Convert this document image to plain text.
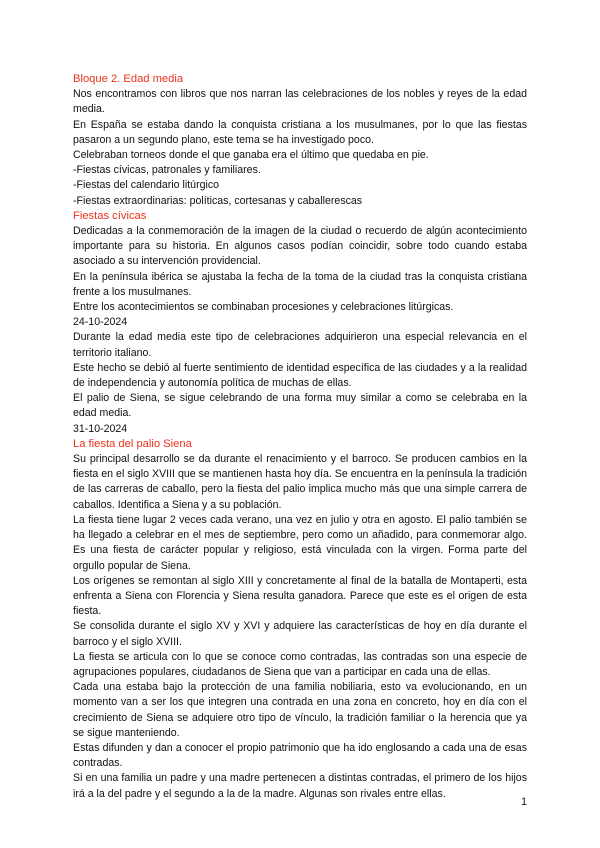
Bloque 2. Edad media

Nos encontramos con libros que nos narran las celebraciones de los nobles y reyes de la edad media.

En España se estaba dando la conquista cristiana a los musulmanes, por lo que las fiestas pasaron a un segundo plano, este tema se ha investigado poco.

Celebraban torneos donde el que ganaba era el último que quedaba en pie.

-Fiestas cívicas, patronales y familiares.

-Fiestas del calendario litúrgico

-Fiestas extraordinarias: políticas, cortesanas y caballerescas

Fiestas cívicas

Dedicadas a la conmemoración de la imagen de la ciudad o recuerdo de algún acontecimiento importante para su historia. En algunos casos podían coincidir, sobre todo cuando estaba asociado a su intervención providencial.

En la península ibérica se ajustaba la fecha de la toma de la ciudad tras la conquista cristiana frente a los musulmanes.

Entre los acontecimientos se combinaban procesiones y celebraciones litúrgicas.

24-10-2024

Durante la edad media este tipo de celebraciones adquirieron una especial relevancia en el territorio italiano.

Este hecho se debió al fuerte sentimiento de identidad específica de las ciudades y a la realidad de independencia y autonomía política de muchas de ellas.

El palio de Siena, se sigue celebrando de una forma muy similar a como se celebraba en la edad media.

31-10-2024

La fiesta del palio Siena

Su principal desarrollo se da durante el renacimiento y el barroco. Se producen cambios en la fiesta en el siglo XVIII que se mantienen hasta hoy día. Se encuentra en la península la tradición de las carreras de caballo, pero la fiesta del palio implica mucho más que una simple carrera de caballos. Identifica a Siena y a su población.

La fiesta tiene lugar 2 veces cada verano, una vez en julio y otra en agosto. El palio también se ha llegado a celebrar en el mes de septiembre, pero como un añadido, para conmemorar algo. Es una fiesta de carácter popular y religioso, está vinculada con la virgen. Forma parte del orgullo popular de Siena.

Los orígenes se remontan al siglo XIII y concretamente al final de la batalla de Montaperti, esta enfrenta a Siena con Florencia y Siena resulta ganadora. Parece que este es el origen de esta fiesta.

Se consolida durante el siglo XV y XVI y adquiere las características de hoy en día durante el barroco y el siglo XVIII.

La fiesta se articula con lo que se conoce como contradas, las contradas son una especie de agrupaciones populares, ciudadanos de Siena que van a participar en cada una de ellas.

Cada una estaba bajo la protección de una familia nobiliaria, esto va evolucionando, en un momento van a ser los que integren una contrada en una zona en concreto, hoy en día con el crecimiento de Siena se adquiere otro tipo de vínculo, la tradición familiar o la herencia que ya se sigue manteniendo.

Estas difunden y dan a conocer el propio patrimonio que ha ido englosando a cada una de esas contradas.

Si en una familia un padre y una madre pertenecen a distintas contradas, el primero de los hijos irá a la del padre y el segundo a la de la madre. Algunas son rivales entre ellas.

1
